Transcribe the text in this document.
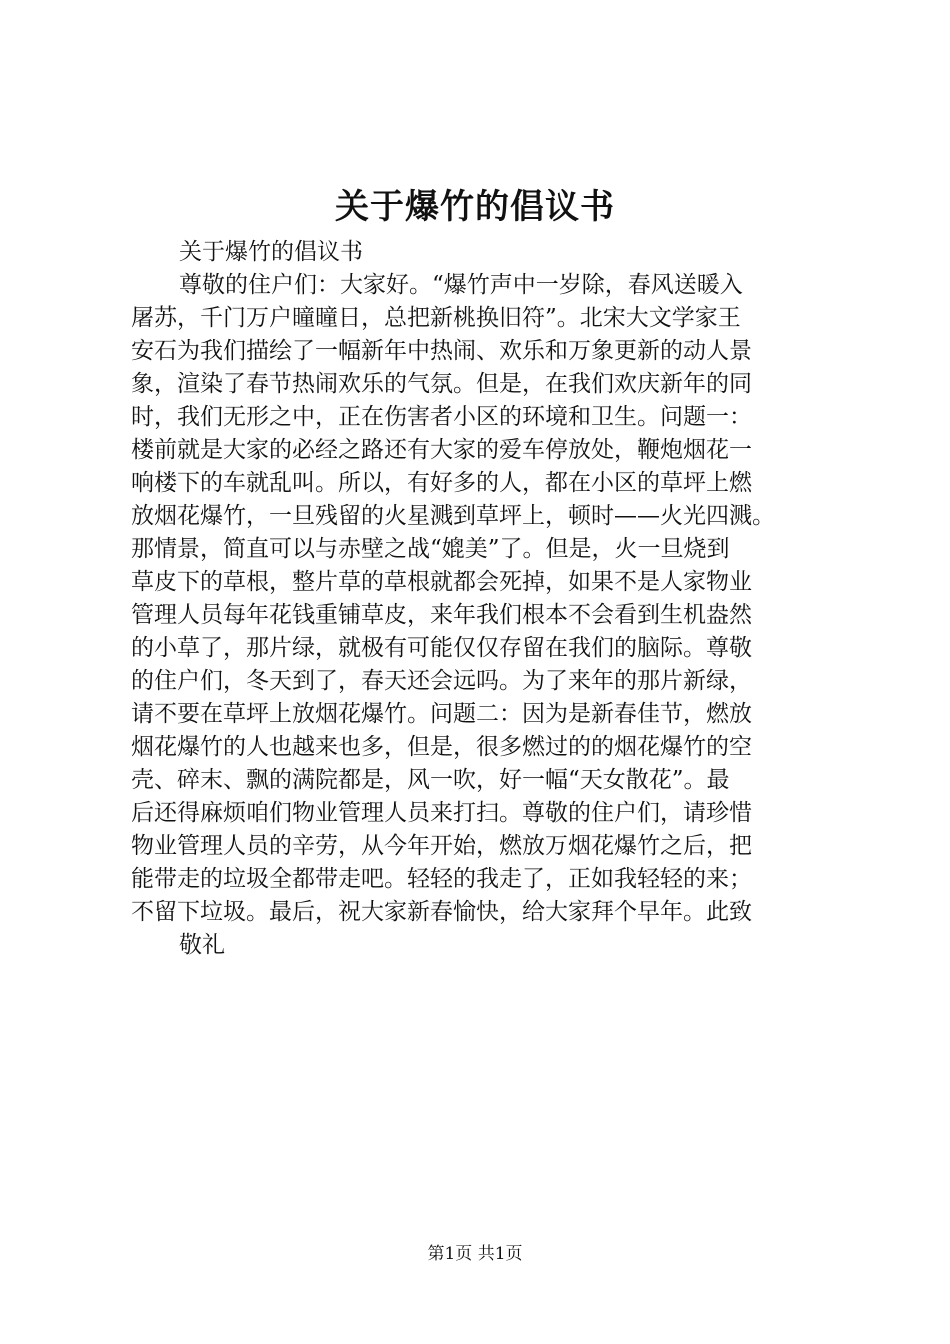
关于爆竹的倡议书
关于爆竹的倡议书
尊敬的住户们：大家好。“爆竹声中一岁除，春风送暖入
屠苏，千门万户曈曈日，总把新桃换旧符”。北宋大文学家王
安石为我们描绘了一幅新年中热闹、欢乐和万象更新的动人景
象，渲染了春节热闹欢乐的气氛。但是，在我们欢庆新年的同
时，我们无形之中，正在伤害者小区的环境和卫生。问题一：
楼前就是大家的必经之路还有大家的爱车停放处，鞭炮烟花一
响楼下的车就乱叫。所以，有好多的人，都在小区的草坪上燃
放烟花爆竹，一旦残留的火星溅到草坪上，顿时——火光四溅。
那情景，简直可以与赤壁之战“媲美”了。但是，火一旦烧到
草皮下的草根，整片草的草根就都会死掉，如果不是人家物业
管理人员每年花钱重铺草皮，来年我们根本不会看到生机盎然
的小草了，那片绿，就极有可能仅仅存留在我们的脑际。尊敬
的住户们，冬天到了，春天还会远吗。为了来年的那片新绿，
请不要在草坪上放烟花爆竹。问题二：因为是新春佳节，燃放
烟花爆竹的人也越来也多，但是，很多燃过的的烟花爆竹的空
壳、碎末、飘的满院都是，风一吹，好一幅“天女散花”。最
后还得麻烦咱们物业管理人员来打扫。尊敬的住户们，请珍惜
物业管理人员的辛劳，从今年开始，燃放万烟花爆竹之后，把
能带走的垃圾全都带走吧。轻轻的我走了，正如我轻轻的来；
不留下垃圾。最后，祝大家新春愉快，给大家拜个早年。此致
敬礼
第1页 共1页
